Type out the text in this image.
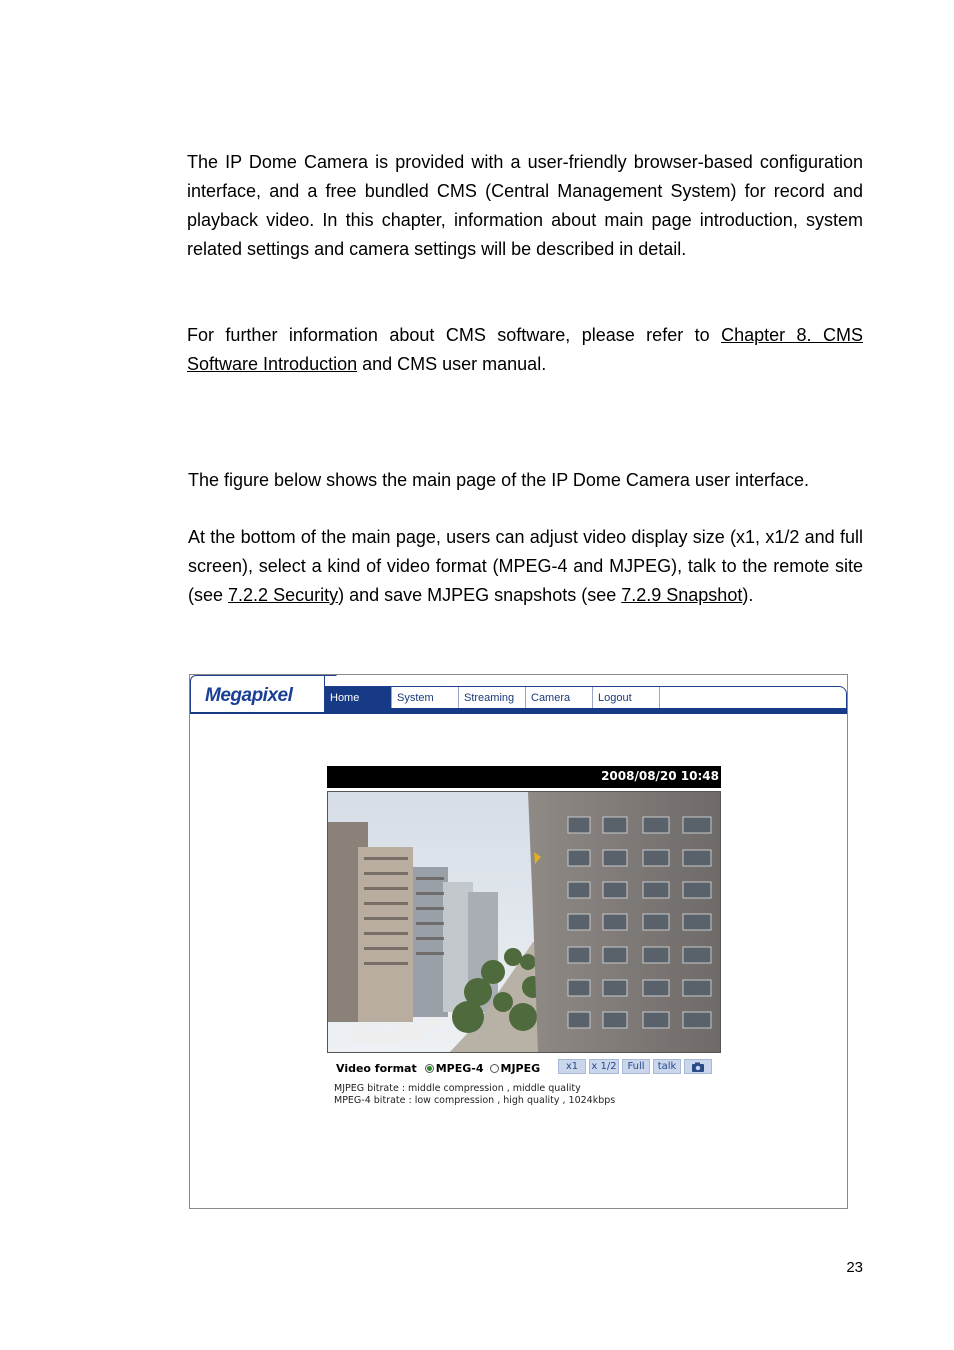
The IP Dome Camera is provided with a user-friendly browser-based configuration interface, and a free bundled CMS (Central Management System) for record and playback video. In this chapter, information about main page introduction, system related settings and camera settings will be described in detail.

For further information about CMS software, please refer to Chapter 8. CMS Software Introduction and CMS user manual.

The figure below shows the main page of the IP Dome Camera user interface.

At the bottom of the main page, users can adjust video display size (x1, x1/2 and full screen), select a kind of video format (MPEG-4 and MJPEG), talk to the remote site (see 7.2.2 Security) and save MJPEG snapshots (see 7.2.9 Snapshot).

Megapixel	Home	System	Streaming	Camera	Logout
2008/08/20 10:48
Video format MPEG-4 MJPEG	x1	x 1/2	Full	talk
MJPEG bitrate : middle compression , middle quality
MPEG-4 bitrate : low compression , high quality , 1024kbps
23
